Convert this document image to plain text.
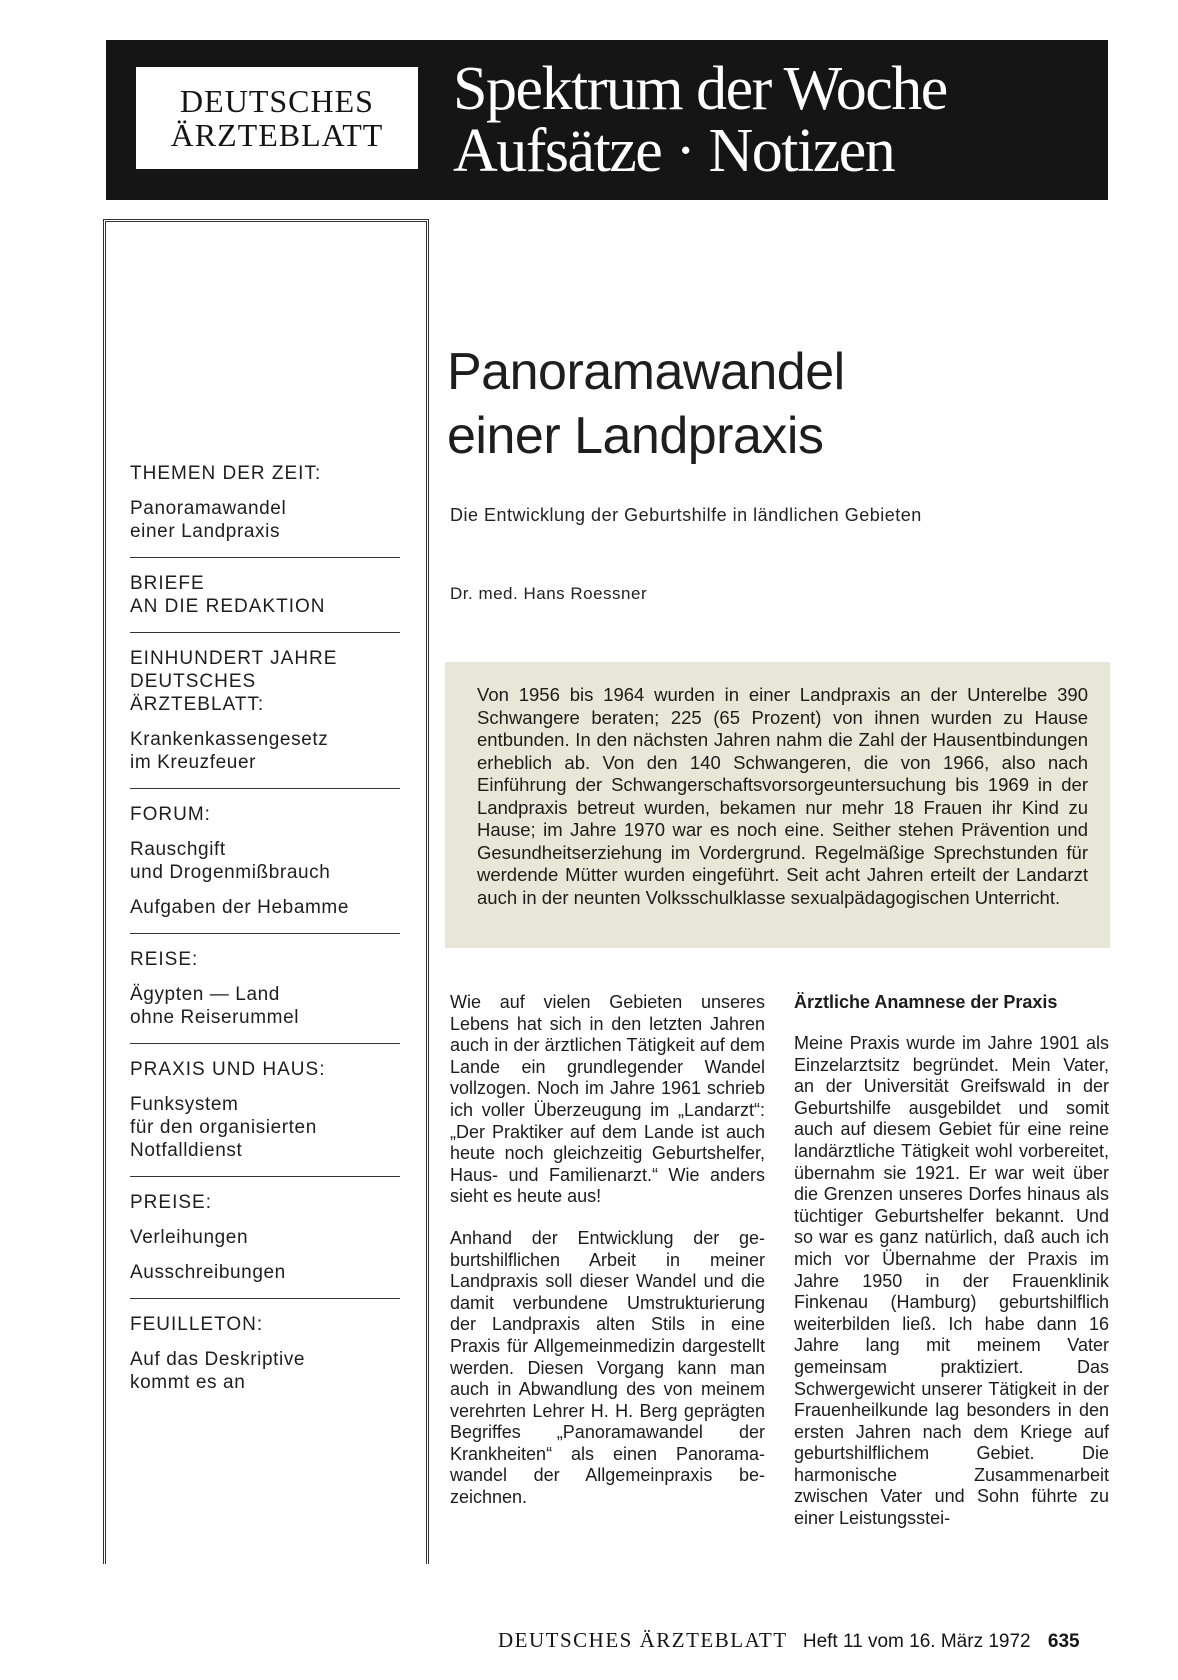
DEUTSCHES
ÄRZTEBLATT
Spektrum der Woche
Aufsätze · Notizen
THEMEN DER ZEIT:
Panoramawandel
einer Landpraxis
BRIEFE
AN DIE REDAKTION
EINHUNDERT JAHRE
DEUTSCHES
ÄRZTEBLATT:
Krankenkassengesetz
im Kreuzfeuer
FORUM:
Rauschgift
und Drogenmißbrauch
Aufgaben der Hebamme
REISE:
Ägypten — Land
ohne Reiserummel
PRAXIS UND HAUS:
Funksystem
für den organisierten
Notfalldienst
PREISE:
Verleihungen
Ausschreibungen
FEUILLETON:
Auf das Deskriptive
kommt es an
Panoramawandel
einer Landpraxis
Die Entwicklung der Geburtshilfe in ländlichen Gebieten
Dr. med. Hans Roessner
Von 1956 bis 1964 wurden in einer Landpraxis an der Unterelbe 390 Schwangere beraten; 225 (65 Prozent) von ihnen wurden zu Hause entbunden. In den nächsten Jahren nahm die Zahl der Hausentbindungen erheblich ab. Von den 140 Schwangeren, die von 1966, also nach Einführung der Schwangerschaftsvorsorgeuntersuchung bis 1969 in der Landpraxis betreut wurden, bekamen nur mehr 18 Frauen ihr Kind zu Hause; im Jahre 1970 war es noch eine. Seither stehen Prävention und Gesundheitserziehung im Vordergrund. Regelmäßige Sprechstunden für werdende Mütter wurden eingeführt. Seit acht Jahren erteilt der Landarzt auch in der neunten Volksschulklasse sexualpädagogischen Unterricht.

Wie auf vielen Gebieten unseres Lebens hat sich in den letzten Jahren auch in der ärztlichen Tätigkeit auf dem Lande ein grundlegender Wandel vollzogen. Noch im Jahre 1961 schrieb ich voller Überzeugung im „Landarzt“: „Der Praktiker auf dem Lande ist auch heute noch gleichzeitig Geburtshelfer, Haus- und Familienarzt.“ Wie anders sieht es heute aus!

Anhand der Entwicklung der geburtshilflichen Arbeit in meiner Landpraxis soll dieser Wandel und die damit verbundene Umstrukturierung der Landpraxis alten Stils in eine Praxis für Allgemeinmedizin dargestellt werden. Diesen Vorgang kann man auch in Abwandlung des von meinem verehrten Lehrer H. H. Berg geprägten Begriffes „Panoramawandel der Krankheiten“ als einen Panoramawandel der Allgemeinpraxis bezeichnen.

Ärztliche Anamnese der Praxis

Meine Praxis wurde im Jahre 1901 als Einzelarztsitz begründet. Mein Vater, an der Universität Greifswald in der Geburtshilfe ausgebildet und somit auch auf diesem Gebiet für eine reine landärztliche Tätigkeit wohl vorbereitet, übernahm sie 1921. Er war weit über die Grenzen unseres Dorfes hinaus als tüchtiger Geburtshelfer bekannt. Und so war es ganz natürlich, daß auch ich mich vor Übernahme der Praxis im Jahre 1950 in der Frauenklinik Finkenau (Hamburg) geburtshilflich weiterbilden ließ. Ich habe dann 16 Jahre lang mit meinem Vater gemeinsam praktiziert. Das Schwergewicht unserer Tätigkeit in der Frauenheilkunde lag besonders in den ersten Jahren nach dem Kriege auf geburtshilflichem Gebiet. Die harmonische Zusammenarbeit zwischen Vater und Sohn führte zu einer Leistungsstei-

DEUTSCHES ÄRZTEBLATT Heft 11 vom 16. März 1972 635
